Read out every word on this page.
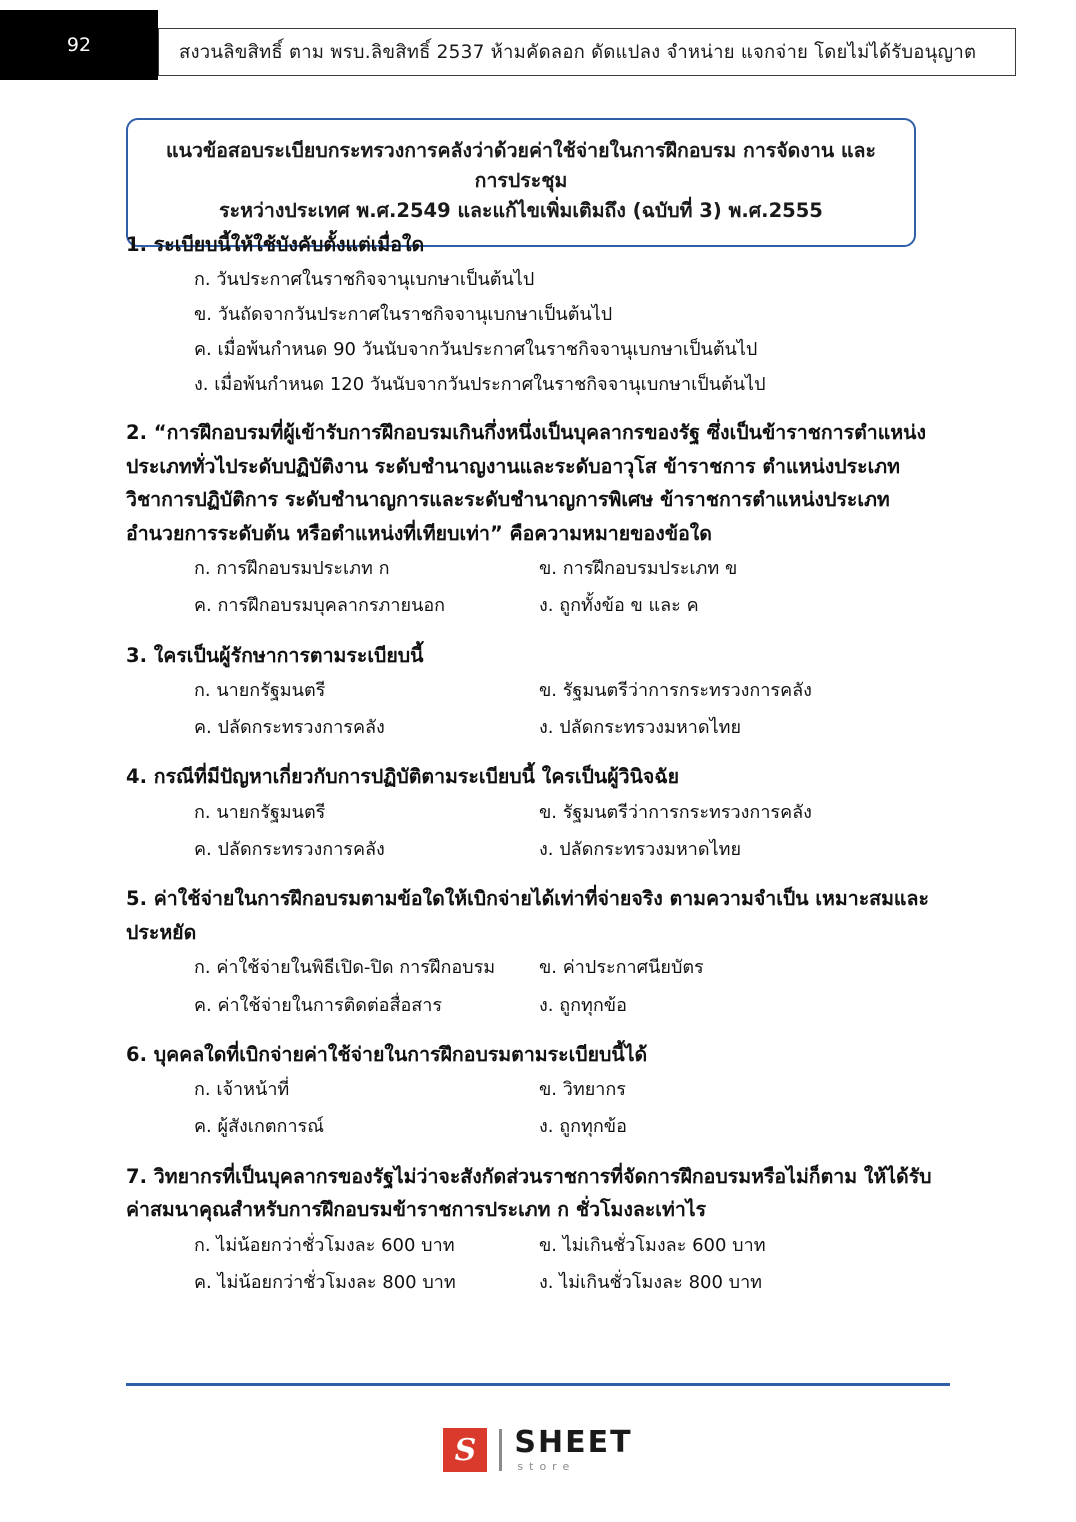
92	สงวนลิขสิทธิ์ ตาม พรบ.ลิขสิทธิ์ 2537 ห้ามคัดลอก ดัดแปลง จำหน่าย แจกจ่าย โดยไม่ได้รับอนุญาต
แนวข้อสอบระเบียบกระทรวงการคลังว่าด้วยค่าใช้จ่ายในการฝึกอบรม การจัดงาน และการประชุม
ระหว่างประเทศ พ.ศ.2549 และแก้ไขเพิ่มเติมถึง (ฉบับที่ 3) พ.ศ.2555
1. ระเบียบนี้ให้ใช้บังคับตั้งแต่เมื่อใด
ก. วันประกาศในราชกิจจานุเบกษาเป็นต้นไป
ข. วันถัดจากวันประกาศในราชกิจจานุเบกษาเป็นต้นไป
ค. เมื่อพ้นกำหนด 90 วันนับจากวันประกาศในราชกิจจานุเบกษาเป็นต้นไป
ง. เมื่อพ้นกำหนด 120 วันนับจากวันประกาศในราชกิจจานุเบกษาเป็นต้นไป
2. “การฝึกอบรมที่ผู้เข้ารับการฝึกอบรมเกินกึ่งหนึ่งเป็นบุคลากรของรัฐ ซึ่งเป็นข้าราชการตำแหน่งประเภททั่วไประดับปฏิบัติงาน ระดับชำนาญงานและระดับอาวุโส ข้าราชการ ตำแหน่งประเภทวิชาการปฏิบัติการ ระดับชำนาญการและระดับชำนาญการพิเศษ ข้าราชการตำแหน่งประเภทอำนวยการระดับต้น หรือตำแหน่งที่เทียบเท่า” คือความหมายของข้อใด
ก. การฝึกอบรมประเภท ก	ข. การฝึกอบรมประเภท ข
ค. การฝึกอบรมบุคลากรภายนอก	ง. ถูกทั้งข้อ ข และ ค
3. ใครเป็นผู้รักษาการตามระเบียบนี้
ก. นายกรัฐมนตรี	ข. รัฐมนตรีว่าการกระทรวงการคลัง
ค. ปลัดกระทรวงการคลัง	ง. ปลัดกระทรวงมหาดไทย
4. กรณีที่มีปัญหาเกี่ยวกับการปฏิบัติตามระเบียบนี้ ใครเป็นผู้วินิจฉัย
ก. นายกรัฐมนตรี	ข. รัฐมนตรีว่าการกระทรวงการคลัง
ค. ปลัดกระทรวงการคลัง	ง. ปลัดกระทรวงมหาดไทย
5. ค่าใช้จ่ายในการฝึกอบรมตามข้อใดให้เบิกจ่ายได้เท่าที่จ่ายจริง ตามความจำเป็น เหมาะสมและประหยัด
ก. ค่าใช้จ่ายในพิธีเปิด-ปิด การฝึกอบรม	ข. ค่าประกาศนียบัตร
ค. ค่าใช้จ่ายในการติดต่อสื่อสาร	ง. ถูกทุกข้อ
6. บุคคลใดที่เบิกจ่ายค่าใช้จ่ายในการฝึกอบรมตามระเบียบนี้ได้
ก. เจ้าหน้าที่	ข. วิทยากร
ค. ผู้สังเกตการณ์	ง. ถูกทุกข้อ
7. วิทยากรที่เป็นบุคลากรของรัฐไม่ว่าจะสังกัดส่วนราชการที่จัดการฝึกอบรมหรือไม่ก็ตาม ให้ได้รับค่าสมนาคุณสำหรับการฝึกอบรมข้าราชการประเภท ก ชั่วโมงละเท่าไร
ก. ไม่น้อยกว่าชั่วโมงละ 600 บาท	ข. ไม่เกินชั่วโมงละ 600 บาท
ค. ไม่น้อยกว่าชั่วโมงละ 800 บาท	ง. ไม่เกินชั่วโมงละ 800 บาท
S SHEET
store
